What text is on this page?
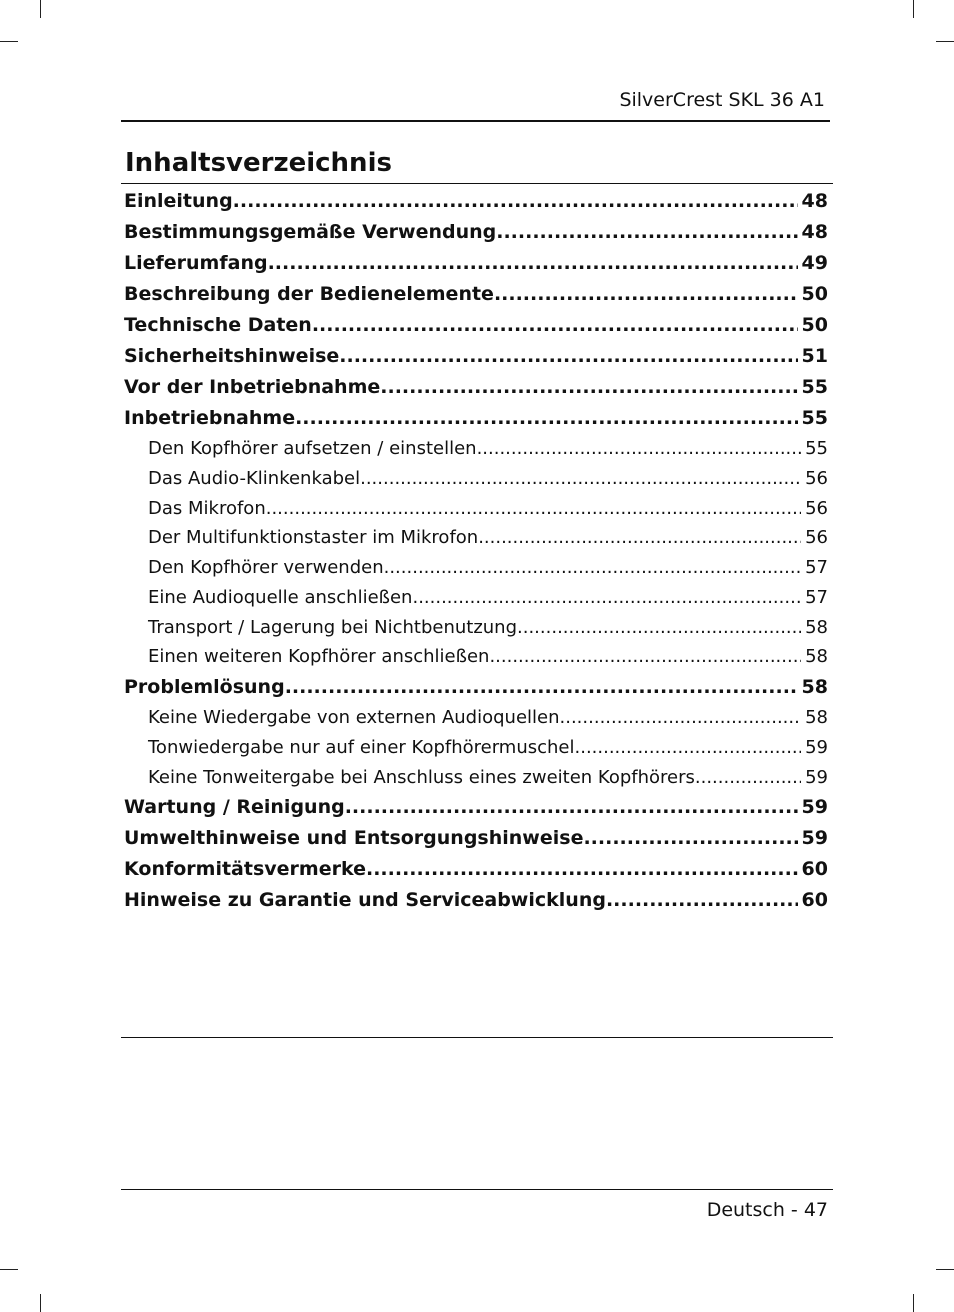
SilverCrest SKL 36 A1
Inhaltsverzeichnis
Einleitung .....	48
Bestimmungsgemäße Verwendung .....	48
Lieferumfang .....	49
Beschreibung der Bedienelemente .....	50
Technische Daten .....	50
Sicherheitshinweise .....	51
Vor der Inbetriebnahme .....	55
Inbetriebnahme .....	55
Den Kopfhörer aufsetzen / einstellen .....	55
Das Audio-Klinkenkabel .....	56
Das Mikrofon .....	56
Der Multifunktionstaster im Mikrofon .....	56
Den Kopfhörer verwenden .....	57
Eine Audioquelle anschließen .....	57
Transport / Lagerung bei Nichtbenutzung .....	58
Einen weiteren Kopfhörer anschließen .....	58
Problemlösung .....	58
Keine Wiedergabe von externen Audioquellen .....	58
Tonwiedergabe nur auf einer Kopfhörermuschel .....	59
Keine Tonweitergabe bei Anschluss eines zweiten Kopfhörers .....	59
Wartung / Reinigung .....	59
Umwelthinweise und Entsorgungshinweise .....	59
Konformitätsvermerke .....	60
Hinweise zu Garantie und Serviceabwicklung .....	60
Deutsch - 47
